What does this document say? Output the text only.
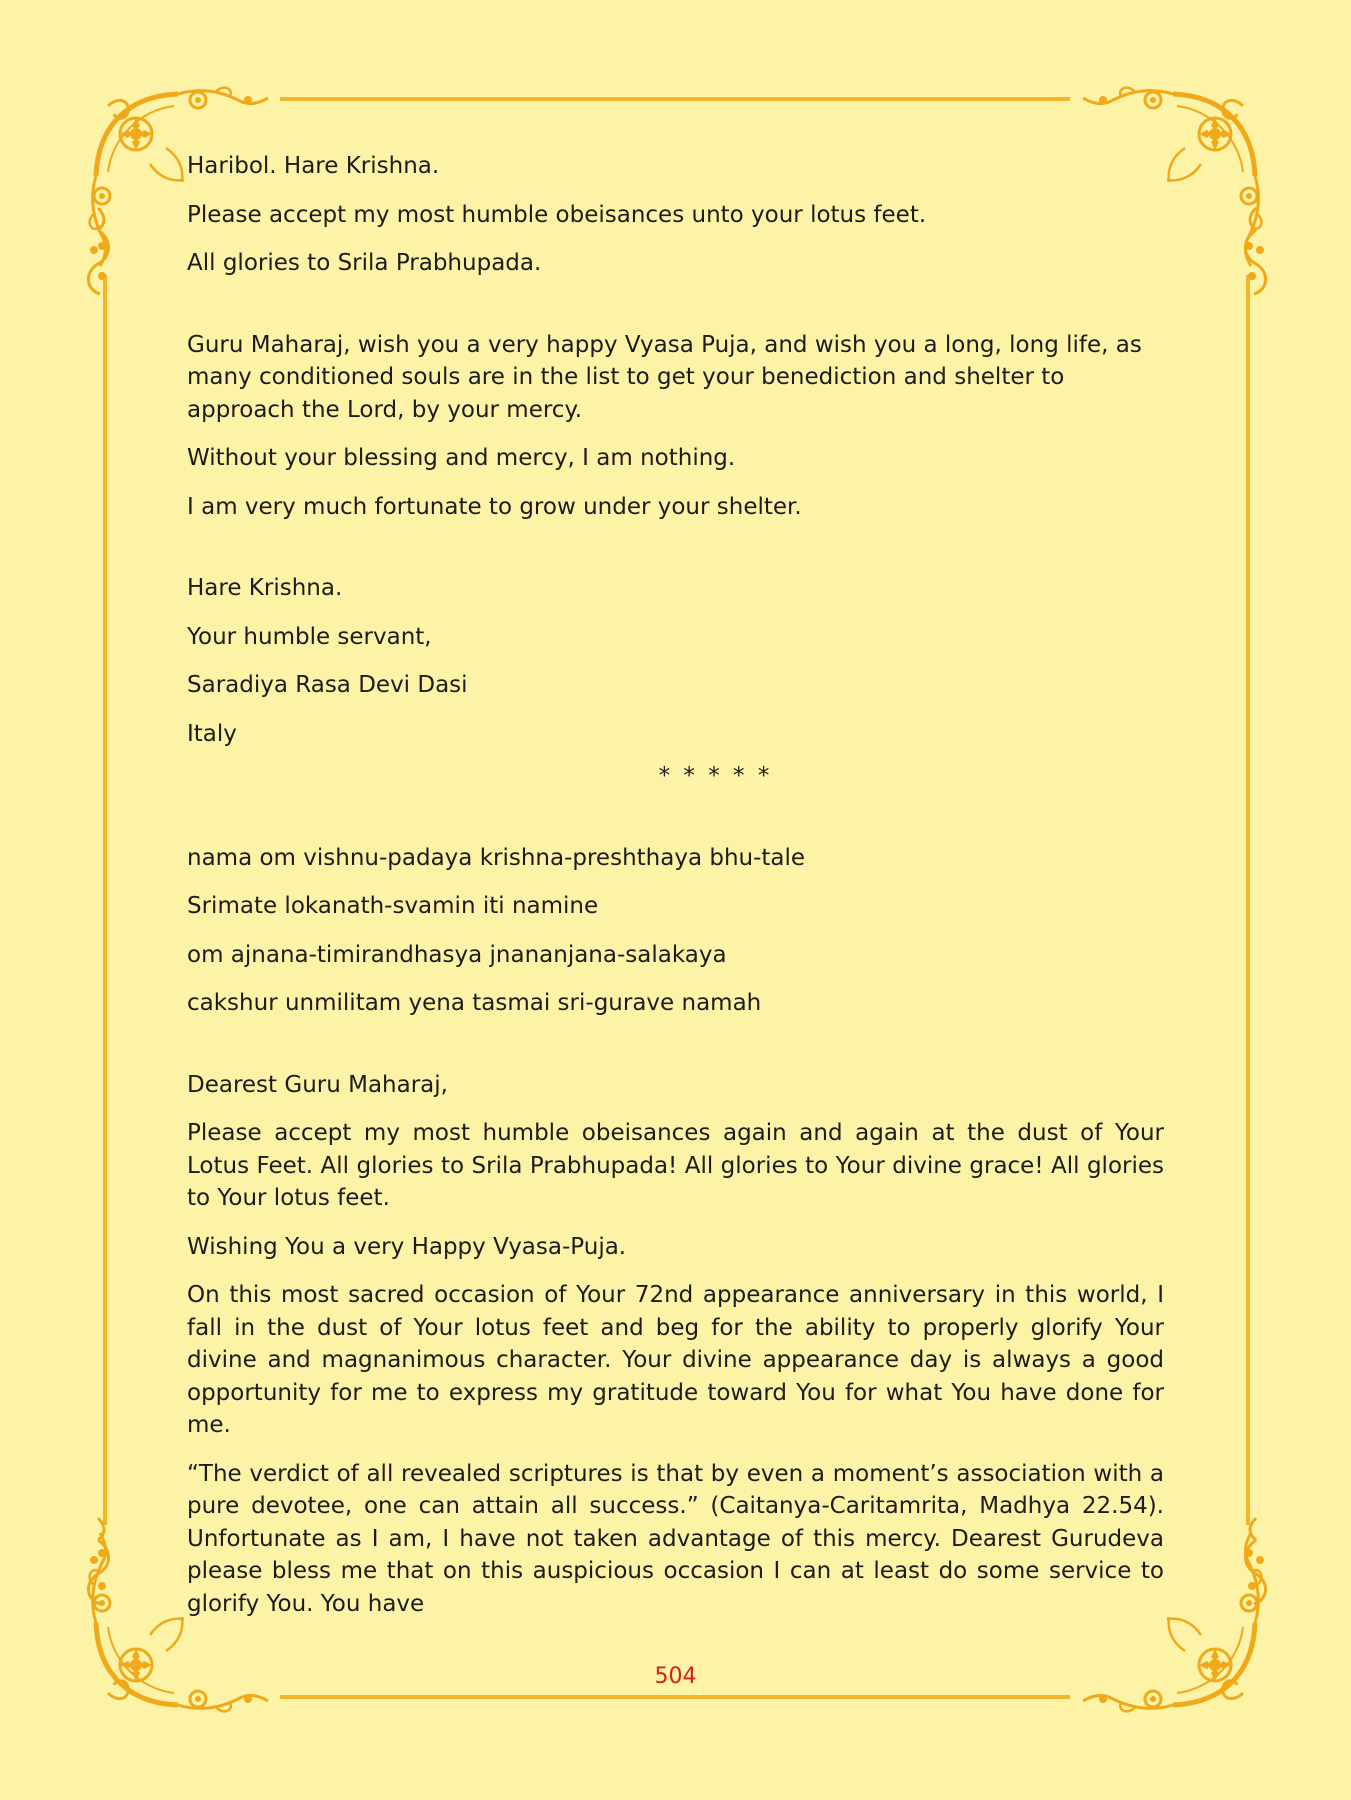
Haribol. Hare Krishna.

Please accept my most humble obeisances unto your lotus feet.

All glories to Srila Prabhupada.

Guru Maharaj, wish you a very happy Vyasa Puja, and wish you a long, long life, as many conditioned souls are in the list to get your benediction and shelter to approach the Lord, by your mercy.

Without your blessing and mercy, I am nothing.

I am very much fortunate to grow under your shelter.

Hare Krishna.

Your humble servant,

Saradiya Rasa Devi Dasi

Italy

* * * * *

nama om vishnu-padaya krishna-preshthaya bhu-tale

Srimate lokanath-svamin iti namine

om ajnana-timirandhasya jnananjana-salakaya

cakshur unmilitam yena tasmai sri-gurave namah

Dearest Guru Maharaj,

Please accept my most humble obeisances again and again at the dust of Your Lotus Feet. All glories to Srila Prabhupada! All glories to Your divine grace! All glories to Your lotus feet.

Wishing You a very Happy Vyasa-Puja.

On this most sacred occasion of Your 72nd appearance anniversary in this world, I fall in the dust of Your lotus feet and beg for the ability to properly glorify Your divine and magnanimous character. Your divine appearance day is always a good opportunity for me to express my gratitude toward You for what You have done for me.

“The verdict of all revealed scriptures is that by even a moment’s association with a pure devotee, one can attain all success.” (Caitanya-Caritamrita, Madhya 22.54). Unfortunate as I am, I have not taken advantage of this mercy. Dearest Gurudeva please bless me that on this auspicious occasion I can at least do some service to glorify You. You have

504
